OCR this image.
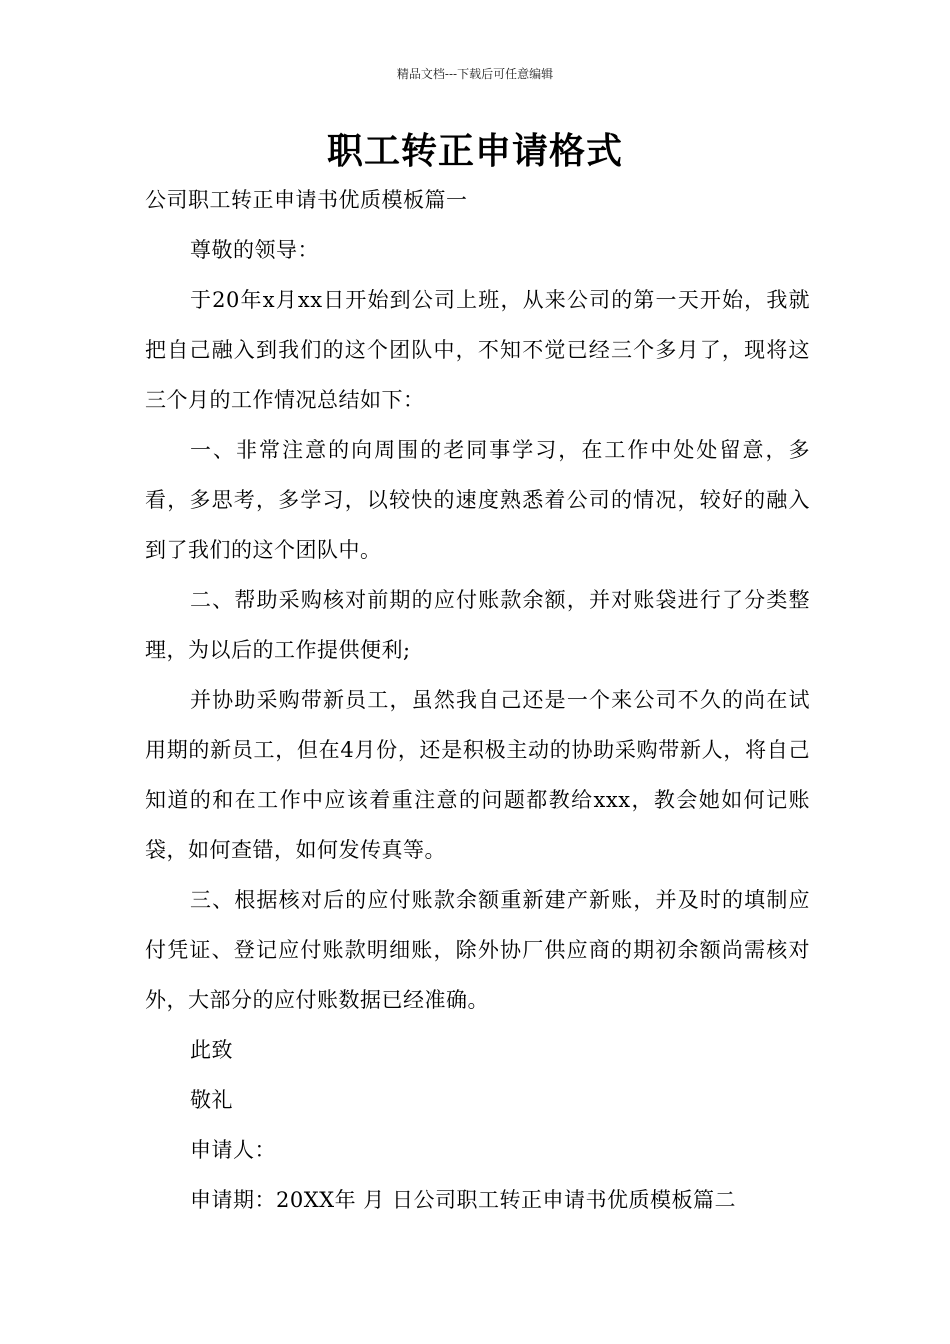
精品文档---下载后可任意编辑
职工转正申请格式

公司职工转正申请书优质模板篇一

尊敬的领导：

于20年x月xx日开始到公司上班，从来公司的第一天开始，我就把自己融入到我们的这个团队中，不知不觉已经三个多月了，现将这三个月的工作情况总结如下：

一、非常注意的向周围的老同事学习，在工作中处处留意，多看，多思考，多学习，以较快的速度熟悉着公司的情况，较好的融入到了我们的这个团队中。

二、帮助采购核对前期的应付账款余额，并对账袋进行了分类整理，为以后的工作提供便利;

并协助采购带新员工，虽然我自己还是一个来公司不久的尚在试用期的新员工，但在4月份，还是积极主动的协助采购带新人，将自己知道的和在工作中应该着重注意的问题都教给xxx，教会她如何记账袋，如何查错，如何发传真等。

三、根据核对后的应付账款余额重新建产新账，并及时的填制应付凭证、登记应付账款明细账，除外协厂供应商的期初余额尚需核对外，大部分的应付账数据已经准确。

此致

敬礼

申请人：

申请期：20XX年 月 日公司职工转正申请书优质模板篇二
